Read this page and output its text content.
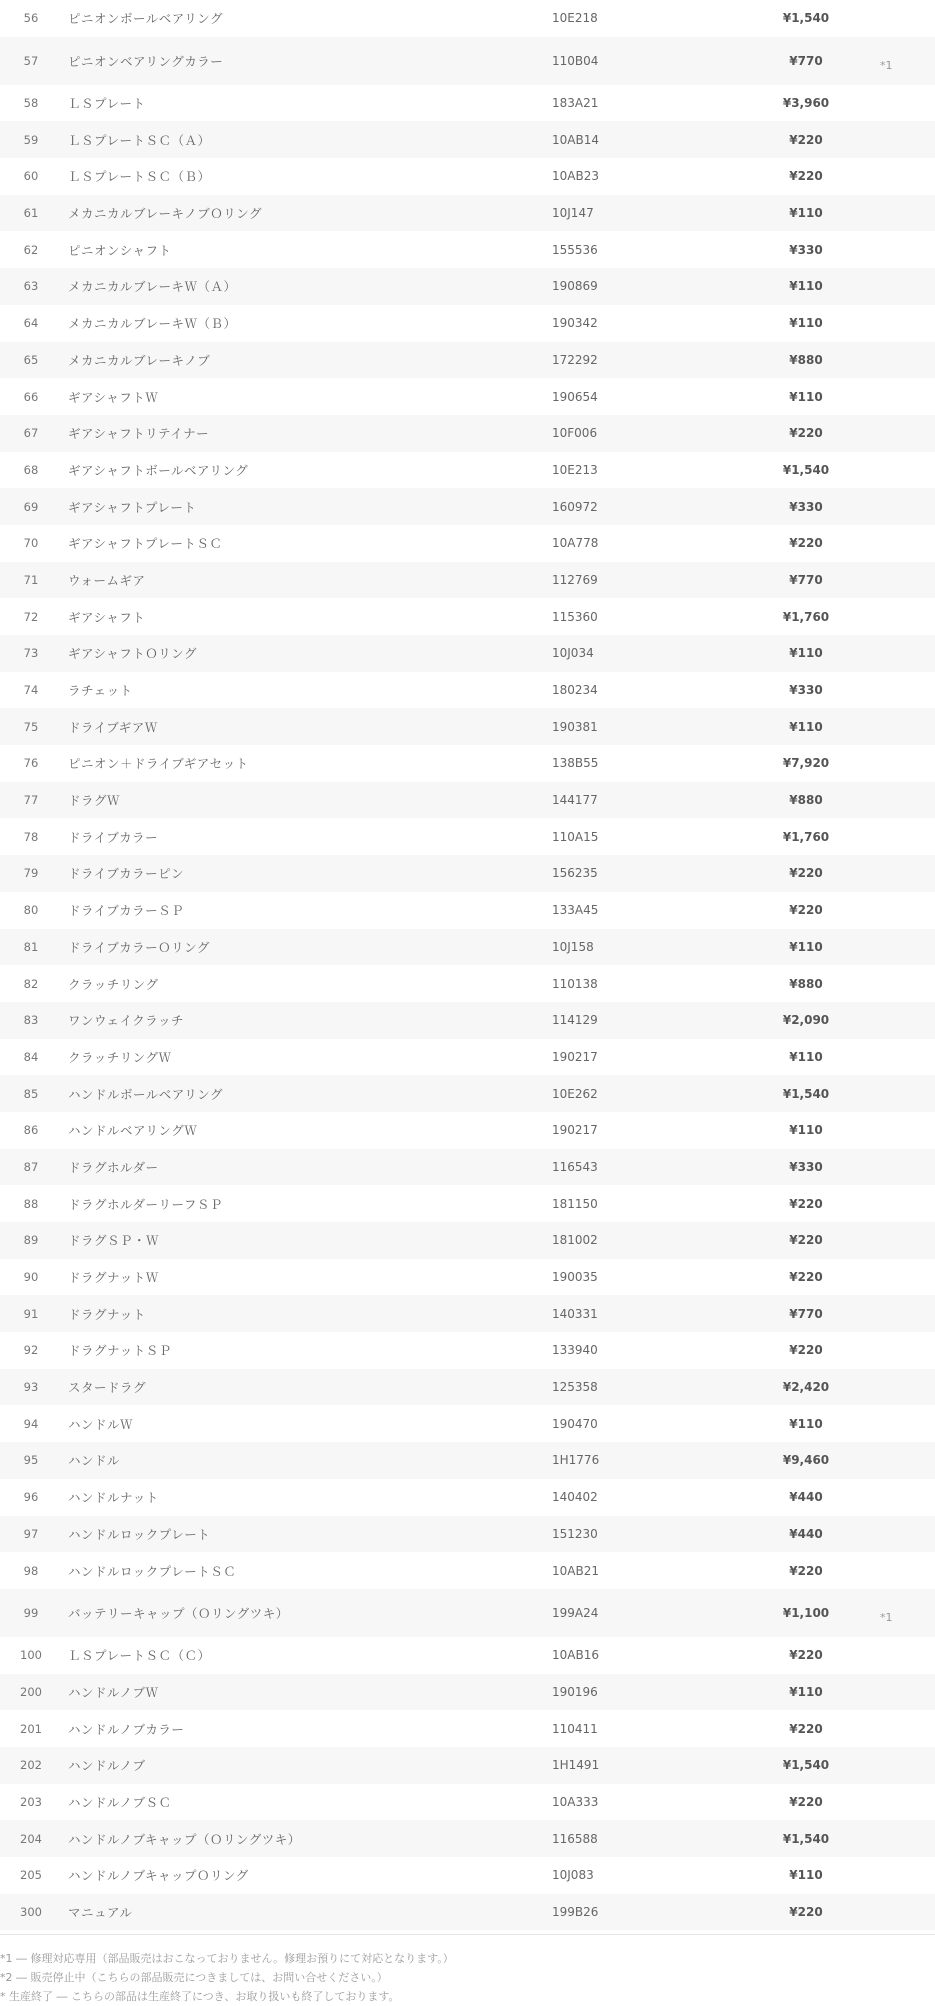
56	ピニオンボールベアリング	10E218	¥1,540	
57	ピニオンベアリングカラー	110B04	¥770	*1
58	ＬＳプレート	183A21	¥3,960	
59	ＬＳプレートＳＣ（Ａ）	10AB14	¥220	
60	ＬＳプレートＳＣ（Ｂ）	10AB23	¥220	
61	メカニカルブレーキノブＯリング	10J147	¥110	
62	ピニオンシャフト	155536	¥330	
63	メカニカルブレーキＷ（Ａ）	190869	¥110	
64	メカニカルブレーキＷ（Ｂ）	190342	¥110	
65	メカニカルブレーキノブ	172292	¥880	
66	ギアシャフトＷ	190654	¥110	
67	ギアシャフトリテイナー	10F006	¥220	
68	ギアシャフトボールベアリング	10E213	¥1,540	
69	ギアシャフトプレート	160972	¥330	
70	ギアシャフトプレートＳＣ	10A778	¥220	
71	ウォームギア	112769	¥770	
72	ギアシャフト	115360	¥1,760	
73	ギアシャフトＯリング	10J034	¥110	
74	ラチェット	180234	¥330	
75	ドライブギアＷ	190381	¥110	
76	ピニオン＋ドライブギアセット	138B55	¥7,920	
77	ドラグＷ	144177	¥880	
78	ドライブカラー	110A15	¥1,760	
79	ドライブカラーピン	156235	¥220	
80	ドライブカラーＳＰ	133A45	¥220	
81	ドライブカラーＯリング	10J158	¥110	
82	クラッチリング	110138	¥880	
83	ワンウェイクラッチ	114129	¥2,090	
84	クラッチリングＷ	190217	¥110	
85	ハンドルボールベアリング	10E262	¥1,540	
86	ハンドルベアリングＷ	190217	¥110	
87	ドラグホルダー	116543	¥330	
88	ドラグホルダーリーフＳＰ	181150	¥220	
89	ドラグＳＰ・Ｗ	181002	¥220	
90	ドラグナットＷ	190035	¥220	
91	ドラグナット	140331	¥770	
92	ドラグナットＳＰ	133940	¥220	
93	スタードラグ	125358	¥2,420	
94	ハンドルＷ	190470	¥110	
95	ハンドル	1H1776	¥9,460	
96	ハンドルナット	140402	¥440	
97	ハンドルロックプレート	151230	¥440	
98	ハンドルロックプレートＳＣ	10AB21	¥220	
99	バッテリーキャップ（Ｏリングツキ）	199A24	¥1,100	*1
100	ＬＳプレートＳＣ（Ｃ）	10AB16	¥220	
200	ハンドルノブＷ	190196	¥110	
201	ハンドルノブカラー	110411	¥220	
202	ハンドルノブ	1H1491	¥1,540	
203	ハンドルノブＳＣ	10A333	¥220	
204	ハンドルノブキャップ（Ｏリングツキ）	116588	¥1,540	
205	ハンドルノブキャップＯリング	10J083	¥110	
300	マニュアル	199B26	¥220	
*1 ― 修理対応専用（部品販売はおこなっておりません。修理お預りにて対応となります。）
*2 ― 販売停止中（こちらの部品販売につきましては、お問い合せください。）
* 生産終了 ― こちらの部品は生産終了につき、お取り扱いも終了しております。
